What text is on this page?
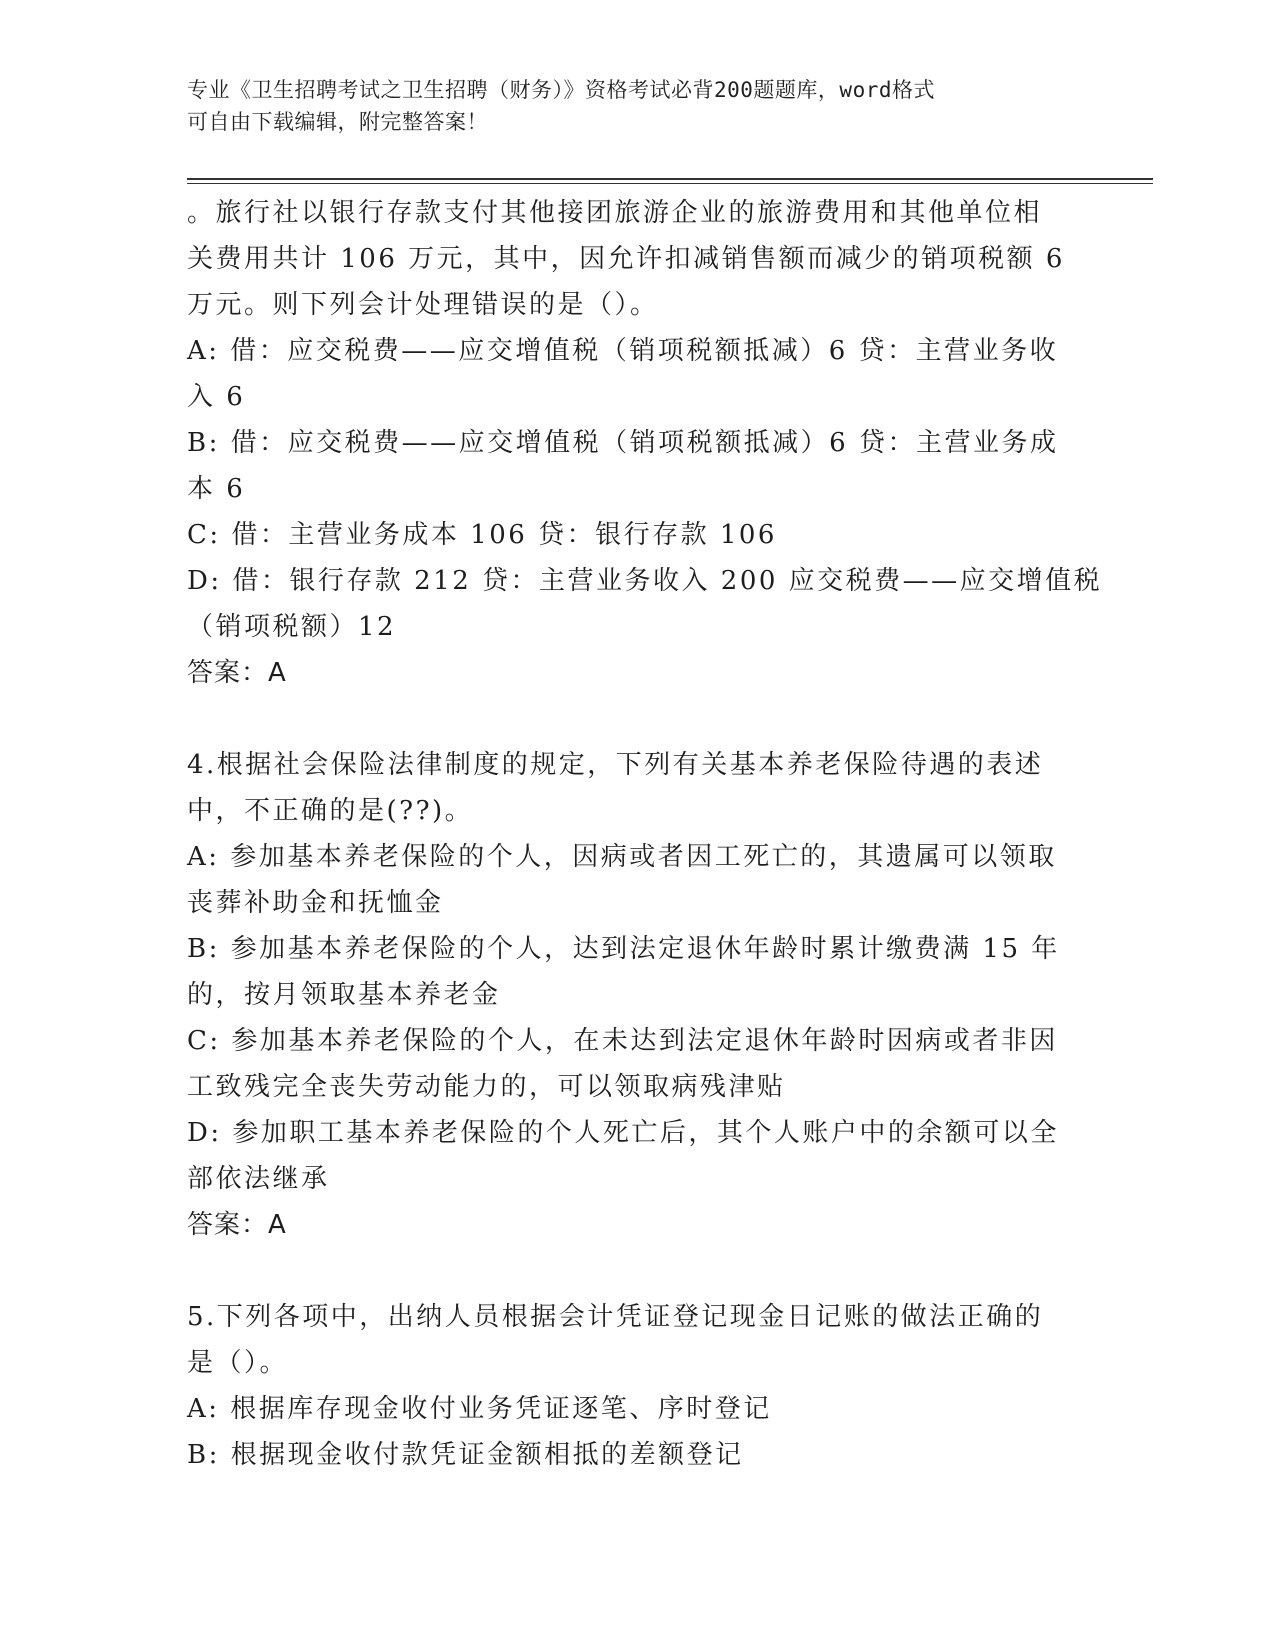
专业《卫生招聘考试之卫生招聘（财务）》资格考试必背200题题库，word格式
可自由下载编辑，附完整答案！
。旅行社以银行存款支付其他接团旅游企业的旅游费用和其他单位相
关费用共计 106 万元，其中，因允许扣减销售额而减少的销项税额 6
万元。则下列会计处理错误的是（）。
A: 借：应交税费——应交增值税（销项税额抵减）6 贷：主营业务收
入 6
B: 借：应交税费——应交增值税（销项税额抵减）6 贷：主营业务成
本 6
C: 借：主营业务成本 106 贷：银行存款 106
D: 借：银行存款 212 贷：主营业务收入 200 应交税费——应交增值税
（销项税额）12
答案：A
4.根据社会保险法律制度的规定，下列有关基本养老保险待遇的表述
中，不正确的是(??)。
A: 参加基本养老保险的个人，因病或者因工死亡的，其遗属可以领取
丧葬补助金和抚恤金
B: 参加基本养老保险的个人，达到法定退休年龄时累计缴费满 15 年
的，按月领取基本养老金
C: 参加基本养老保险的个人，在未达到法定退休年龄时因病或者非因
工致残完全丧失劳动能力的，可以领取病残津贴
D: 参加职工基本养老保险的个人死亡后，其个人账户中的余额可以全
部依法继承
答案：A
5.下列各项中，出纳人员根据会计凭证登记现金日记账的做法正确的
是（）。
A: 根据库存现金收付业务凭证逐笔、序时登记
B: 根据现金收付款凭证金额相抵的差额登记
